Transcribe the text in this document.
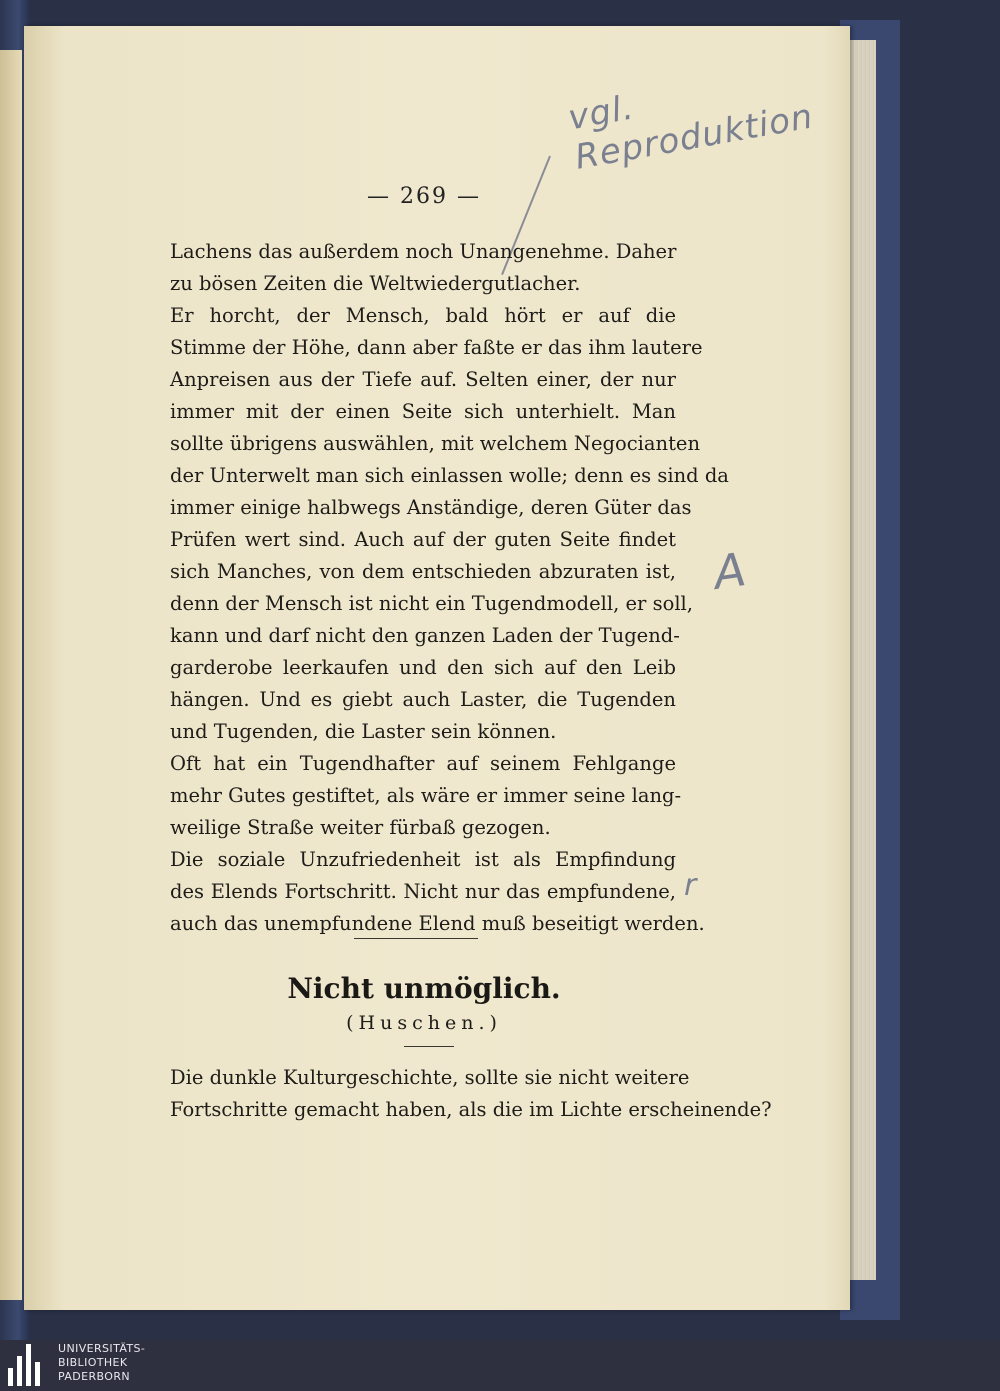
vgl. Reproduktion
A
r
— 269 —
Lachens das außerdem noch Unangenehme. Daher
zu bösen Zeiten die Weltwiedergutlacher.
Er horcht, der Mensch, bald hört er auf die
Stimme der Höhe, dann aber faßte er das ihm lautere
Anpreisen aus der Tiefe auf. Selten einer, der nur
immer mit der einen Seite sich unterhielt. Man
sollte übrigens auswählen, mit welchem Negocianten
der Unterwelt man sich einlassen wolle; denn es sind da
immer einige halbwegs Anständige, deren Güter das
Prüfen wert sind. Auch auf der guten Seite findet
sich Manches, von dem entschieden abzuraten ist,
denn der Mensch ist nicht ein Tugendmodell, er soll,
kann und darf nicht den ganzen Laden der Tugend-
garderobe leerkaufen und den sich auf den Leib
hängen. Und es giebt auch Laster, die Tugenden
und Tugenden, die Laster sein können.
Oft hat ein Tugendhafter auf seinem Fehlgange
mehr Gutes gestiftet, als wäre er immer seine lang-
weilige Straße weiter fürbaß gezogen.
Die soziale Unzufriedenheit ist als Empfindung
des Elends Fortschritt. Nicht nur das empfundene,
auch das unempfundene Elend muß beseitigt werden.
Nicht unmöglich.
(Huschen.)
Die dunkle Kulturgeschichte, sollte sie nicht weitere
Fortschritte gemacht haben, als die im Lichte erscheinende?
UNIVERSITÄTS-
BIBLIOTHEK
PADERBORN
